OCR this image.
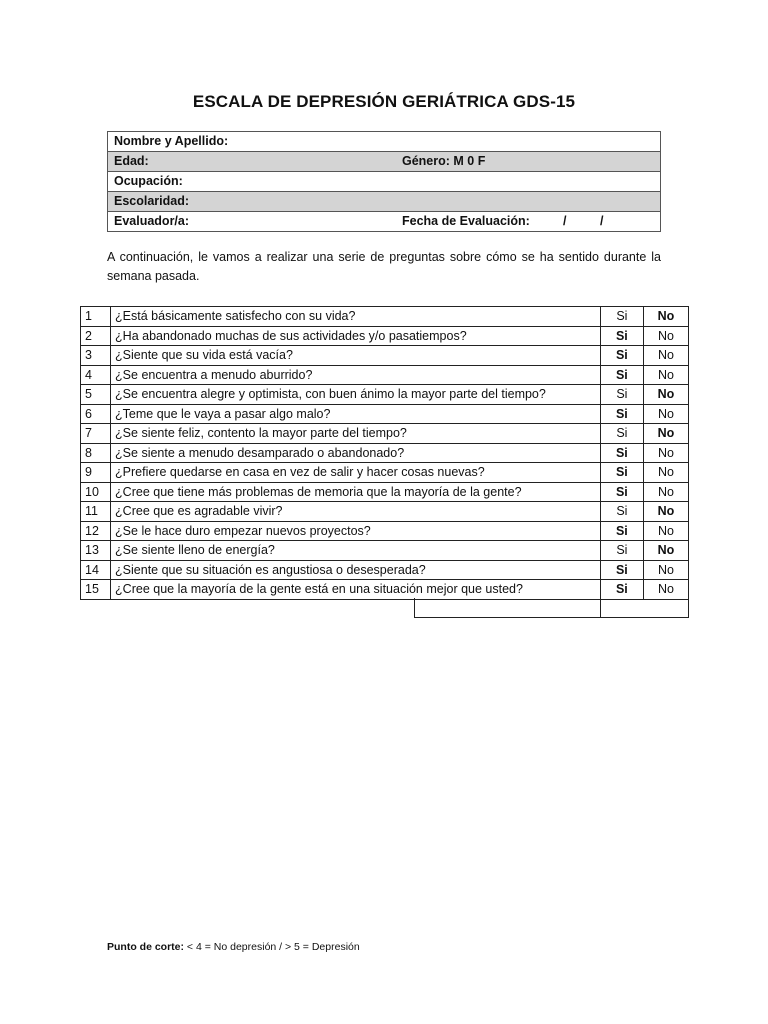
ESCALA DE DEPRESIÓN GERIÁTRICA GDS-15
Nombre y Apellido:
Edad:	Género: M 0 F

Ocupación:
Escolaridad:
Evaluador/a:	Fecha de Evaluación:	/	/
A continuación, le vamos a realizar una serie de preguntas sobre cómo se ha sentido durante la semana pasada.
1	¿Está básicamente satisfecho con su vida?	Si	No
2	¿Ha abandonado muchas de sus actividades y/o pasatiempos?	Si	No
3	¿Siente que su vida está vacía?	Si	No
4	¿Se encuentra a menudo aburrido?	Si	No
5	¿Se encuentra alegre y optimista, con buen ánimo la mayor parte del tiempo?	Si	No
6	¿Teme que le vaya a pasar algo malo?	Si	No
7	¿Se siente feliz, contento la mayor parte del tiempo?	Si	No
8	¿Se siente a menudo desamparado o abandonado?	Si	No
9	¿Prefiere quedarse en casa en vez de salir y hacer cosas nuevas?	Si	No
10	¿Cree que tiene más problemas de memoria que la mayoría de la gente?	Si	No
11	¿Cree que es agradable vivir?	Si	No
12	¿Se le hace duro empezar nuevos proyectos?	Si	No
13	¿Se siente lleno de energía?	Si	No
14	¿Siente que su situación es angustiosa o desesperada?	Si	No
15	¿Cree que la mayoría de la gente está en una situación mejor que usted?	Si	No
Punto de corte: < 4 = No depresión / > 5 = Depresión
